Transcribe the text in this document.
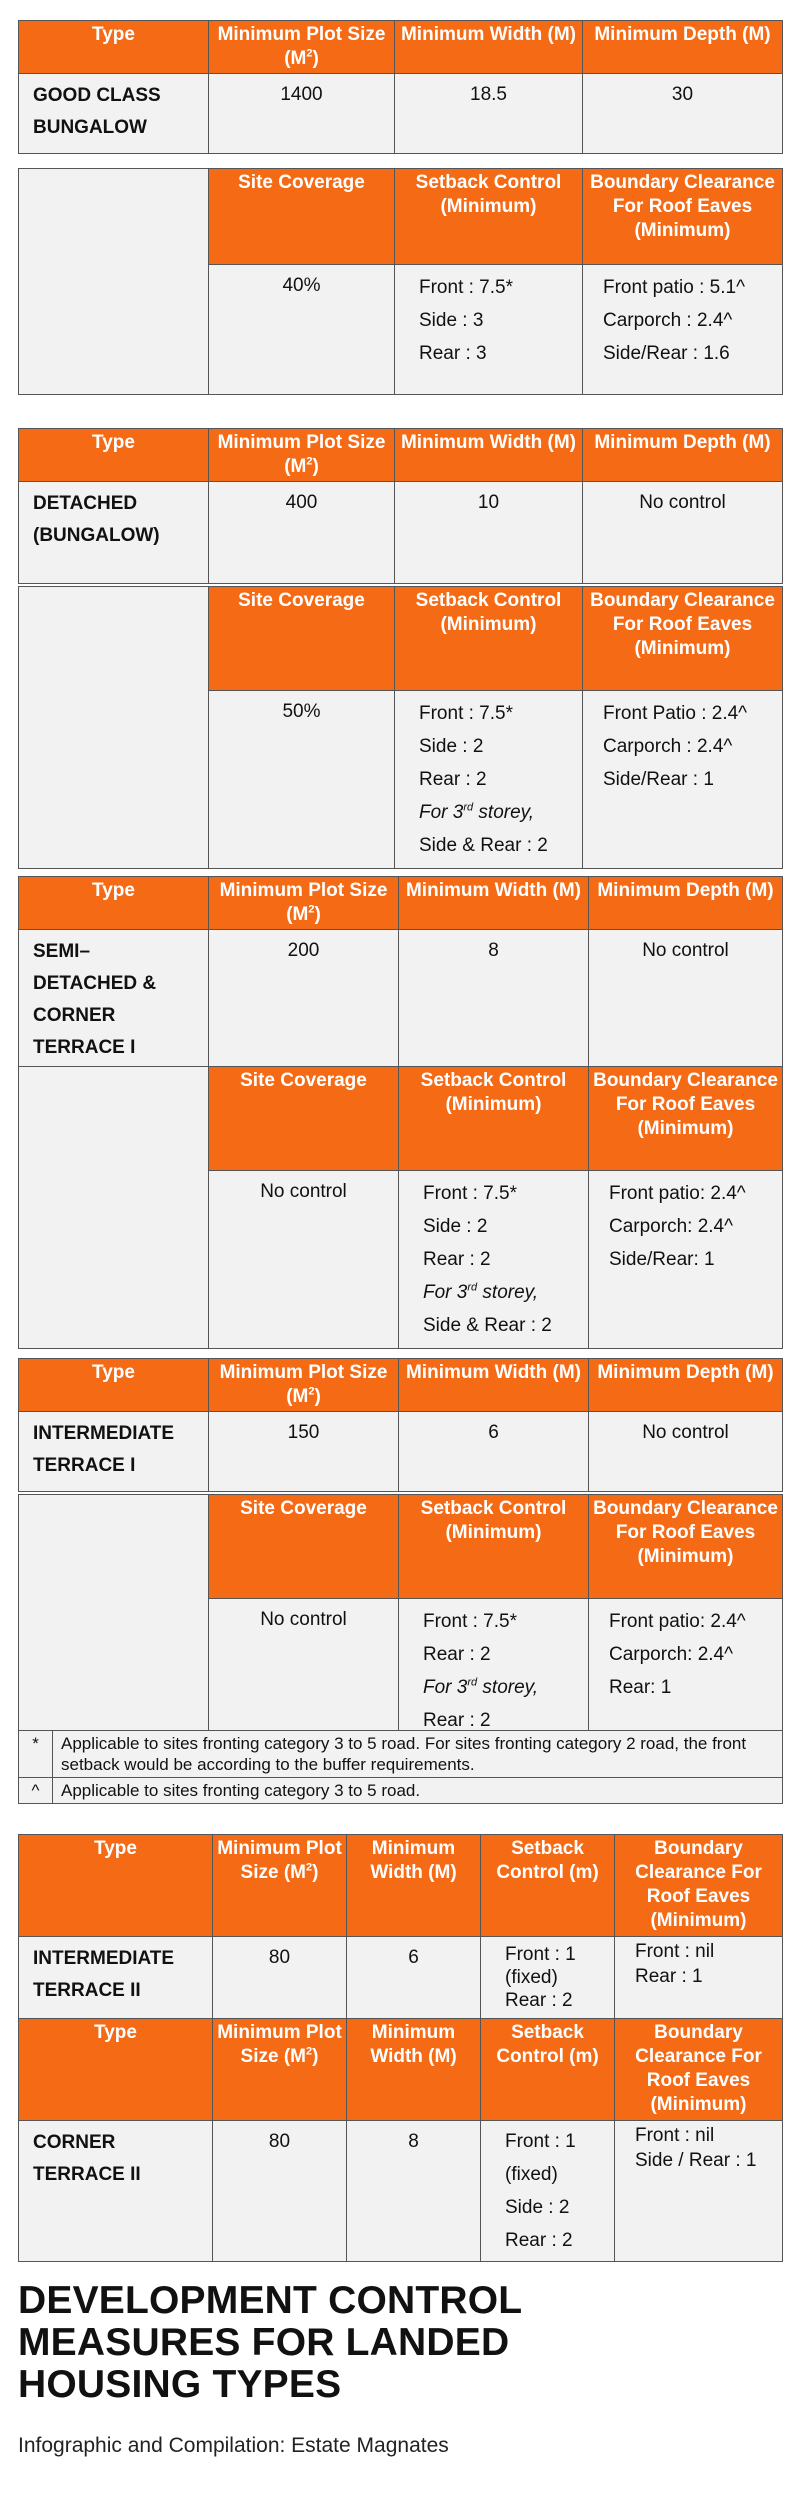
Type	Minimum Plot Size $(M^2)$	Minimum Width (M)	Minimum Depth (M)

GOOD CLASS
BUNGALOW	1400	18.5	30
	Site Coverage	Setback Control (Minimum)	Boundary Clearance For Roof Eaves (Minimum)
	40%	Front : 7.5*
Side : 3
Rear : 3	Front patio : 5.1^
Carporch : 2.4^
Side/Rear : 1.6
Type	Minimum Plot Size $(M^2)$	Minimum Width (M)	Minimum Depth (M)

DETACHED
(BUNGALOW)	400	10	No control
	Site Coverage	Setback Control (Minimum)	Boundary Clearance For Roof Eaves (Minimum)
	50%	Front : 7.5*
Side : 2
Rear : 2
For 3rd storey,
Side & Rear : 2	Front Patio : 2.4^
Carporch : 2.4^
Side/Rear : 1
Type	Minimum Plot Size $(M^2)$	Minimum Width (M)	Minimum Depth (M)

SEMI–
DETACHED &
CORNER
TERRACE I	200	8	No control
	Site Coverage	Setback Control (Minimum)	Boundary Clearance For Roof Eaves (Minimum)
	No control	Front : 7.5*
Side : 2
Rear : 2
For 3rd storey,
Side & Rear : 2	Front patio: 2.4^
Carporch: 2.4^
Side/Rear: 1
Type	Minimum Plot Size $(M^2)$	Minimum Width (M)	Minimum Depth (M)

INTERMEDIATE
TERRACE I	150	6	No control
	Site Coverage	Setback Control (Minimum)	Boundary Clearance For Roof Eaves (Minimum)
	No control	Front : 7.5*
Rear : 2
For 3rd storey,
Rear : 2	Front patio: 2.4^
Carporch: 2.4^
Rear: 1
*	Applicable to sites fronting category 3 to 5 road. For sites fronting category 2 road, the front setback would be according to the buffer requirements.
^	Applicable to sites fronting category 3 to 5 road.
Type	Minimum Plot Size $(M^2)$	Minimum Width (M)	Setback Control (m)	Boundary Clearance For Roof Eaves (Minimum)

INTERMEDIATE
TERRACE II	80	6	Front : 1
(fixed)
Rear : 2	Front : nil
Rear : 1
Type	Minimum Plot Size $(M^2)$	Minimum Width (M)	Setback Control (m)	Boundary Clearance For Roof Eaves (Minimum)

CORNER
TERRACE II	80	8	Front : 1
(fixed)
Side : 2
Rear : 2	Front : nil
Side / Rear : 1
DEVELOPMENT CONTROL
MEASURES FOR LANDED
HOUSING TYPES
Infographic and Compilation: Estate Magnates
